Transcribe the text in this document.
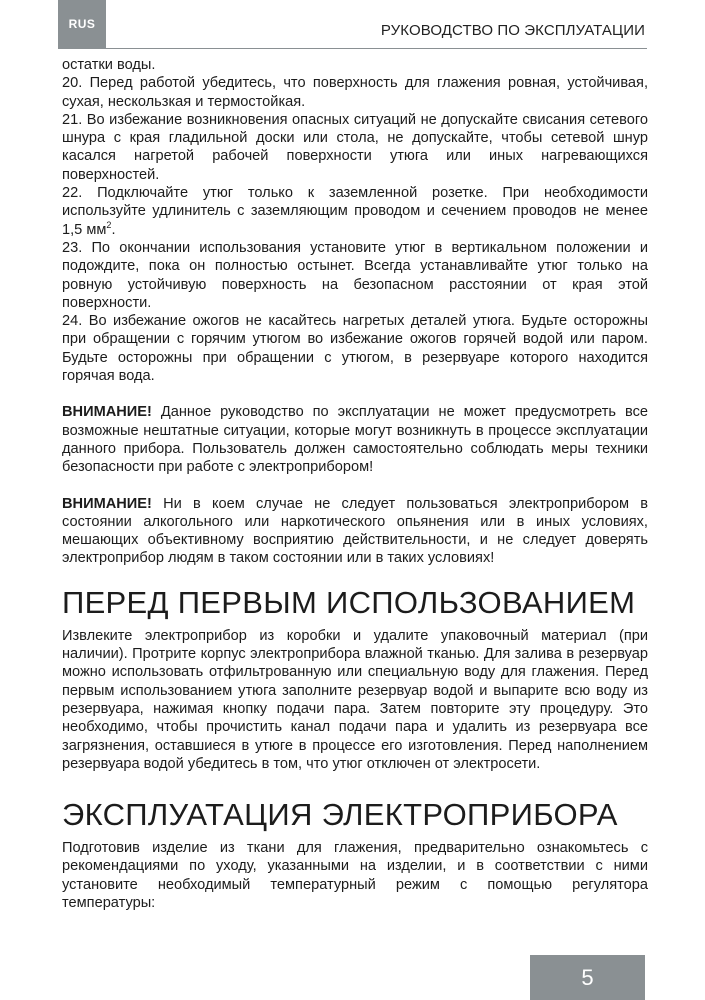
RUS	РУКОВОДСТВО ПО ЭКСПЛУАТАЦИИ

остатки воды.

20. Перед работой убедитесь, что поверхность для глажения ровная, устойчивая, сухая, нескользкая и термостойкая.

21. Во избежание возникновения опасных ситуаций не допускайте свисания сетевого шнура с края гладильной доски или стола, не допускайте, чтобы сетевой шнур касался нагретой рабочей поверхности утюга или иных нагревающихся поверхностей.

22. Подключайте утюг только к заземленной розетке. При необходимости используйте удлинитель с заземляющим проводом и сечением проводов не менее 1,5 $мм^2$.

23. По окончании использования установите утюг в вертикальном положении и подождите, пока он полностью остынет. Всегда устанавливайте утюг только на ровную устойчивую поверхность на безопасном расстоянии от края этой поверхности.

24. Во избежание ожогов не касайтесь нагретых деталей утюга. Будьте осторожны при обращении с горячим утюгом во избежание ожогов горячей водой или паром. Будьте осторожны при обращении с утюгом, в резервуаре которого находится горячая вода.

ВНИМАНИЕ! Данное руководство по эксплуатации не может предусмотреть все возможные нештатные ситуации, которые могут возникнуть в процессе эксплуатации данного прибора. Пользователь должен самостоятельно соблюдать меры техники безопасности при работе с электроприбором!

ВНИМАНИЕ! Ни в коем случае не следует пользоваться электроприбором в состоянии алкогольного или наркотического опьянения или в иных условиях, мешающих объективному восприятию действительности, и не следует доверять электроприбор людям в таком состоянии или в таких условиях!

ПЕРЕД ПЕРВЫМ ИСПОЛЬЗОВАНИЕМ

Извлеките электроприбор из коробки и удалите упаковочный материал (при наличии). Протрите корпус электроприбора влажной тканью. Для залива в резервуар можно использовать отфильтрованную или специальную воду для глажения. Перед первым использованием утюга заполните резервуар водой и выпарите всю воду из резервуара, нажимая кнопку подачи пара. Затем повторите эту процедуру. Это необходимо, чтобы прочистить канал подачи пара и удалить из резервуара все загрязнения, оставшиеся в утюге в процессе его изготовления. Перед наполнением резервуара водой убедитесь в том, что утюг отключен от электросети.

ЭКСПЛУАТАЦИЯ ЭЛЕКТРОПРИБОРА

Подготовив изделие из ткани для глажения, предварительно ознакомьтесь с рекомендациями по уходу, указанными на изделии, и в соответствии с ними установите необходимый температурный режим с помощью регулятора температуры:

5
